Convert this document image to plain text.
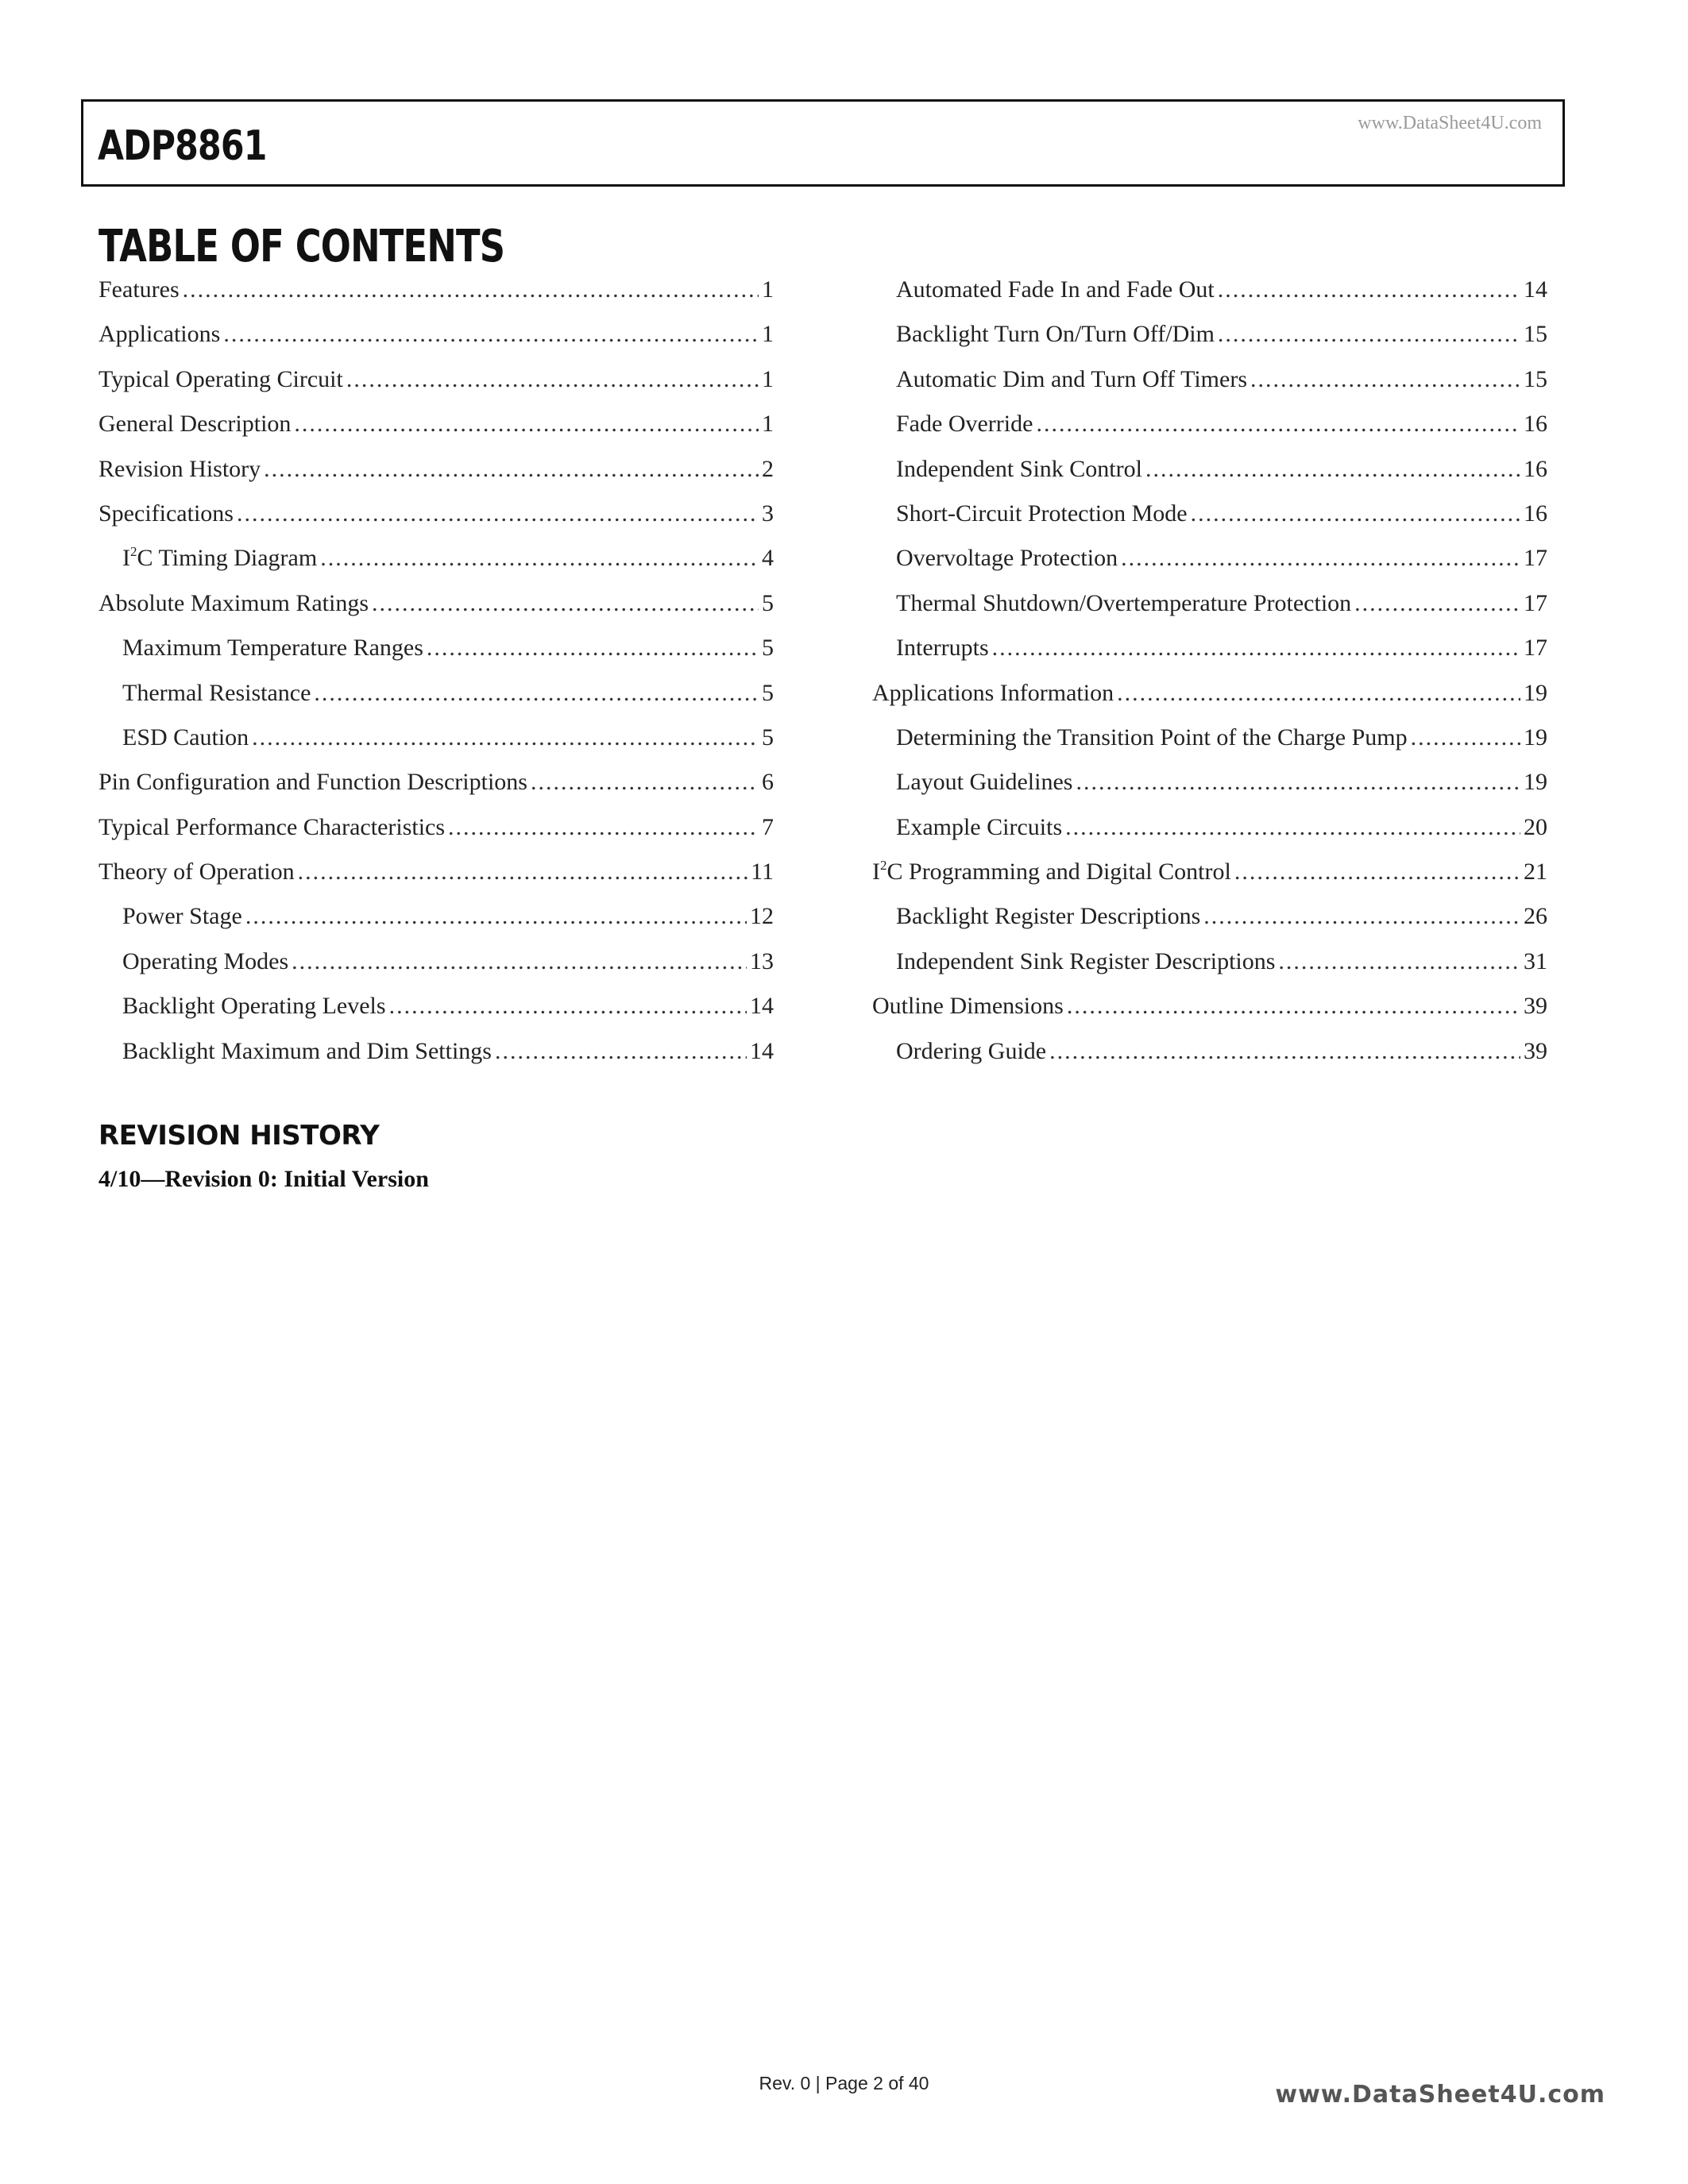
ADP8861	www.DataSheet4U.com
TABLE OF CONTENTS
Features .....	1
Applications .....	1
Typical Operating Circuit .....	1
General Description .....	1
Revision History .....	2
Specifications .....	3
$I^2C$ Timing Diagram .....	4
Absolute Maximum Ratings .....	5
Maximum Temperature Ranges .....	5
Thermal Resistance .....	5
ESD Caution .....	5
Pin Configuration and Function Descriptions .....	6
Typical Performance Characteristics .....	7
Theory of Operation .....	11
Power Stage .....	12
Operating Modes .....	13
Backlight Operating Levels .....	14
Backlight Maximum and Dim Settings .....	14
Automated Fade In and Fade Out .....	14
Backlight Turn On/Turn Off/Dim .....	15
Automatic Dim and Turn Off Timers .....	15
Fade Override .....	16
Independent Sink Control .....	16
Short-Circuit Protection Mode .....	16
Overvoltage Protection .....	17
Thermal Shutdown/Overtemperature Protection .....	17
Interrupts .....	17
Applications Information .....	19
Determining the Transition Point of the Charge Pump .....	19
Layout Guidelines .....	19
Example Circuits .....	20
$I^2C$ Programming and Digital Control .....	21
Backlight Register Descriptions .....	26
Independent Sink Register Descriptions .....	31
Outline Dimensions .....	39
Ordering Guide .....	39
REVISION HISTORY

4/10—Revision 0: Initial Version

Rev. 0 | Page 2 of 40	www.DataSheet4U.com
